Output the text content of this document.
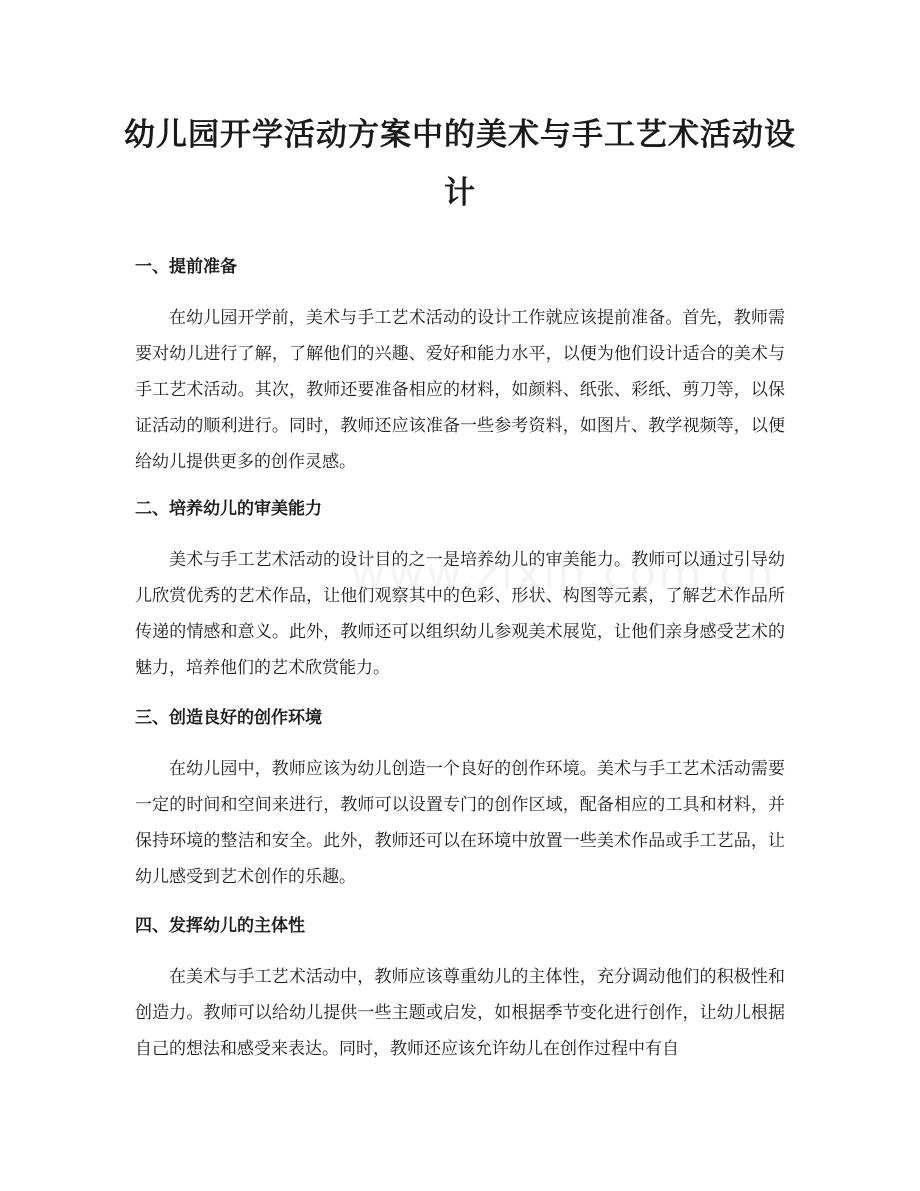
幼儿园开学活动方案中的美术与手工艺术活动设计
一、提前准备

在幼儿园开学前，美术与手工艺术活动的设计工作就应该提前准备。首先，教师需要对幼儿进行了解，了解他们的兴趣、爱好和能力水平，以便为他们设计适合的美术与手工艺术活动。其次，教师还要准备相应的材料，如颜料、纸张、彩纸、剪刀等，以保证活动的顺利进行。同时，教师还应该准备一些参考资料，如图片、教学视频等，以便给幼儿提供更多的创作灵感。

二、培养幼儿的审美能力

美术与手工艺术活动的设计目的之一是培养幼儿的审美能力。教师可以通过引导幼儿欣赏优秀的艺术作品，让他们观察其中的色彩、形状、构图等元素，了解艺术作品所传递的情感和意义。此外，教师还可以组织幼儿参观美术展览，让他们亲身感受艺术的魅力，培养他们的艺术欣赏能力。

三、创造良好的创作环境

在幼儿园中，教师应该为幼儿创造一个良好的创作环境。美术与手工艺术活动需要一定的时间和空间来进行，教师可以设置专门的创作区域，配备相应的工具和材料，并保持环境的整洁和安全。此外，教师还可以在环境中放置一些美术作品或手工艺品，让幼儿感受到艺术创作的乐趣。

四、发挥幼儿的主体性

在美术与手工艺术活动中，教师应该尊重幼儿的主体性，充分调动他们的积极性和创造力。教师可以给幼儿提供一些主题或启发，如根据季节变化进行创作，让幼儿根据自己的想法和感受来表达。同时，教师还应该允许幼儿在创作过程中有自
